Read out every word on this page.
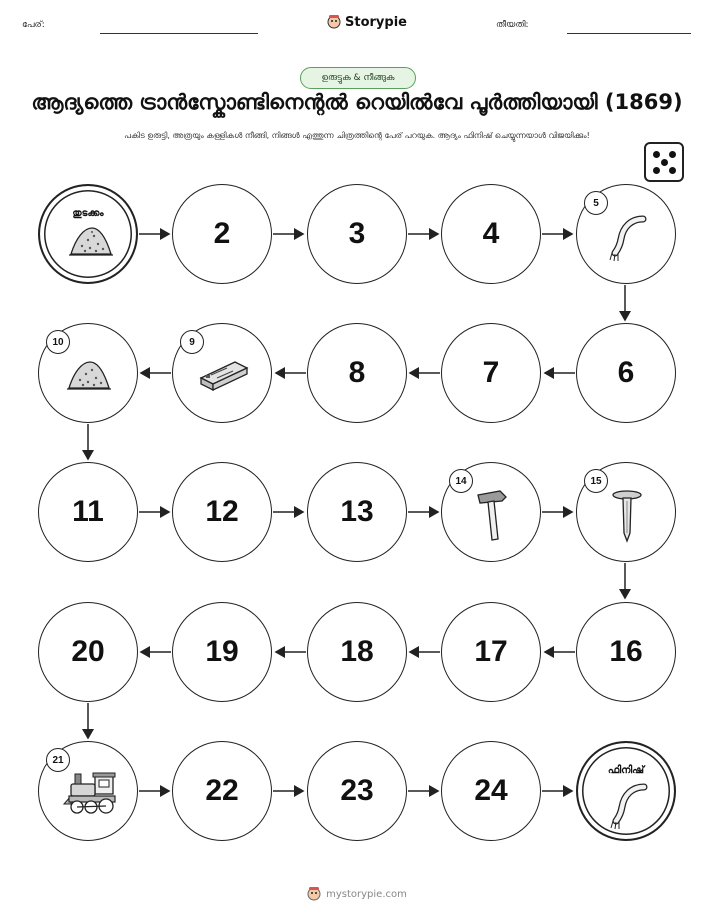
പേര്:	Storypie	തീയതി:
ഉരുട്ടുക & നീങ്ങുക
ആദ്യത്തെ ട്രാൻസ്കോണ്ടിനെന്റൽ റെയിൽവേ പൂർത്തിയായി (1869)
പകിട ഉരുട്ടി, അത്രയും കള്ളികൾ നീങ്ങി, നിങ്ങൾ എത്തുന്ന ചിത്രത്തിന്റെ പേര് പറയുക. ആദ്യം ഫിനിഷ് ചെയ്യുന്നയാൾ വിജയിക്കും!
തുടക്കം
2	3	4
5
10	9
8	7	6
11	12	13
14	15
20	19	18	17	16
21
22	23	24
ഫിനിഷ്
mystorypie.com
